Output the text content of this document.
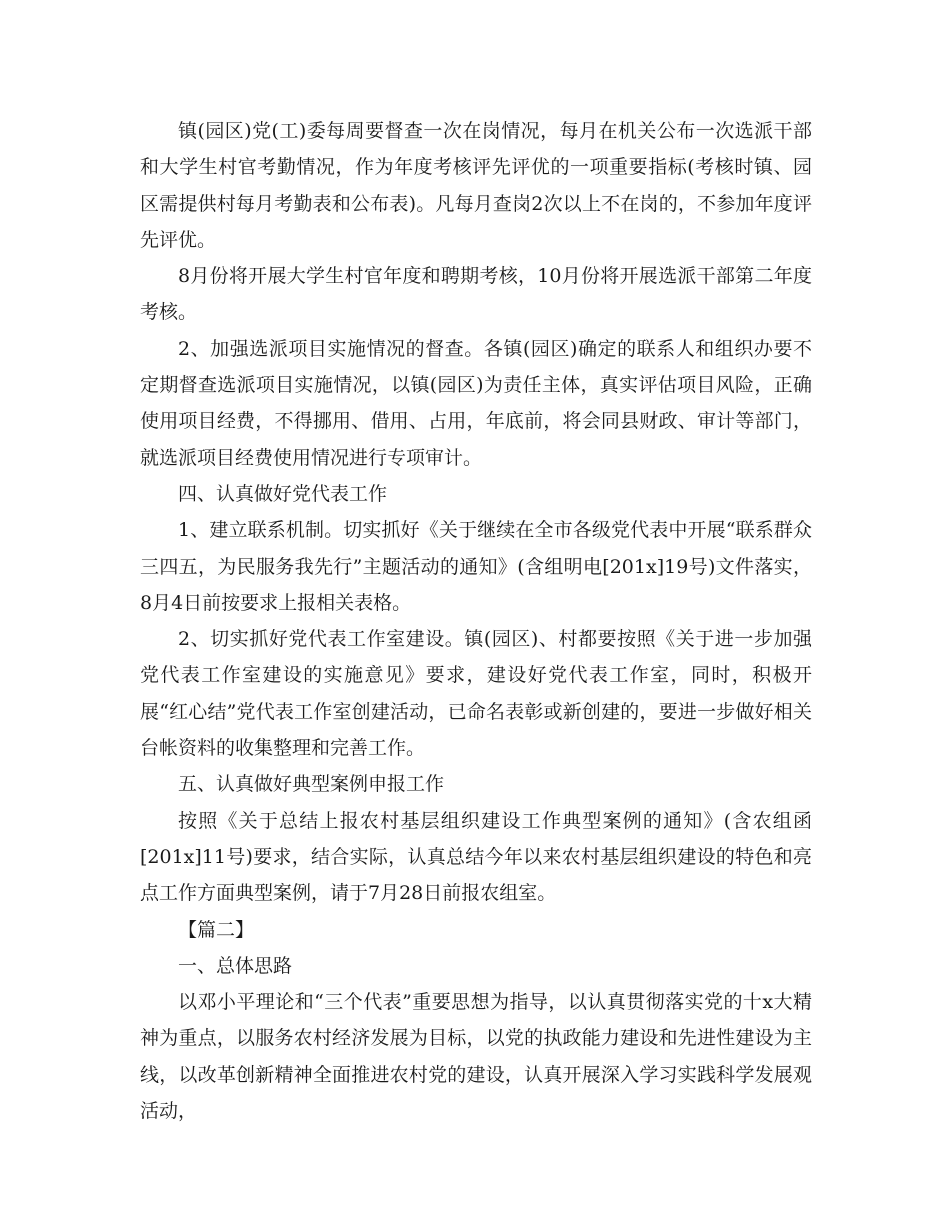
镇(园区)党(工)委每周要督查一次在岗情况，每月在机关公布一次选派干部和大学生村官考勤情况，作为年度考核评先评优的一项重要指标(考核时镇、园区需提供村每月考勤表和公布表)。凡每月查岗2次以上不在岗的，不参加年度评先评优。

8月份将开展大学生村官年度和聘期考核，10月份将开展选派干部第二年度考核。

2、加强选派项目实施情况的督查。各镇(园区)确定的联系人和组织办要不定期督查选派项目实施情况，以镇(园区)为责任主体，真实评估项目风险，正确使用项目经费，不得挪用、借用、占用，年底前，将会同县财政、审计等部门，就选派项目经费使用情况进行专项审计。

四、认真做好党代表工作

1、建立联系机制。切实抓好《关于继续在全市各级党代表中开展“联系群众三四五，为民服务我先行”主题活动的通知》(含组明电[201x]19号)文件落实，8月4日前按要求上报相关表格。

2、切实抓好党代表工作室建设。镇(园区)、村都要按照《关于进一步加强党代表工作室建设的实施意见》要求，建设好党代表工作室，同时，积极开展“红心结”党代表工作室创建活动，已命名表彰或新创建的，要进一步做好相关台帐资料的收集整理和完善工作。

五、认真做好典型案例申报工作

按照《关于总结上报农村基层组织建设工作典型案例的通知》(含农组函[201x]11号)要求，结合实际，认真总结今年以来农村基层组织建设的特色和亮点工作方面典型案例，请于7月28日前报农组室。

【篇二】

一、总体思路

以邓小平理论和“三个代表”重要思想为指导，以认真贯彻落实党的十x大精神为重点，以服务农村经济发展为目标，以党的执政能力建设和先进性建设为主线，以改革创新精神全面推进农村党的建设，认真开展深入学习实践科学发展观活动，
